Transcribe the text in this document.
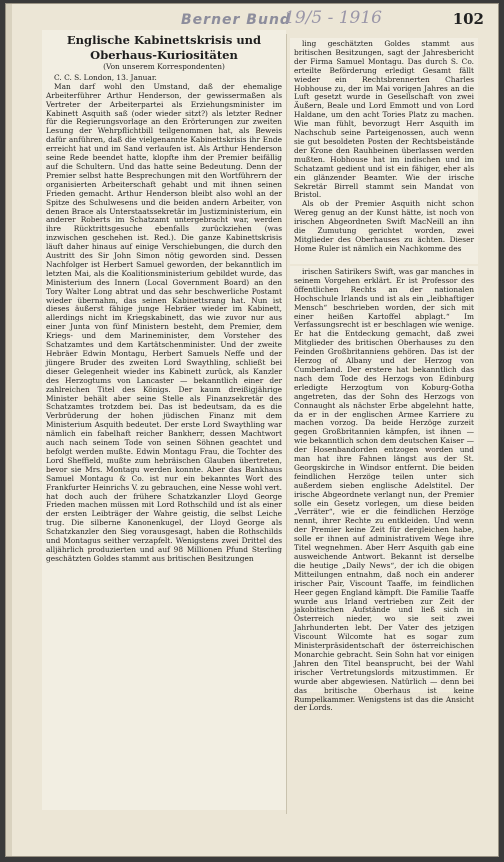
Berner Bund
19/5 - 1916	102
Englische Kabinettskrisis und
Oberhaus-Kuriositäten
(Von unserem Korrespondenten)

C. C. S. London, 13. Januar.

Man darf wohl den Umstand, daß der ehemalige Arbeiterführer Arthur Henderson, der gewissermaßen als Vertreter der Arbeiterpartei als Erziehungsminister im Kabinett Asquith saß (oder wieder sitzt?) als letzter Redner für die Regierungsvorlage an den Erörterungen zur zweiten Lesung der Wehrpflichtbill teilgenommen hat, als Beweis dafür anführen, daß die vielgenannte Kabinettskrisis ihr Ende erreicht hat und im Sand verlaufen ist. Als Arthur Henderson seine Rede beendet hatte, klopfte ihm der Premier beifällig auf die Schultern. Und das hatte seine Bedeutung. Denn der Premier selbst hatte Besprechungen mit den Wortführern der organisierten Arbeiterschaft gehabt und mit ihnen seinen Frieden gemacht. Arthur Henderson bleibt also wohl an der Spitze des Schulwesens und die beiden andern Arbeiter, von denen Brace als Unterstaatssekretär im Justizministerium, ein anderer Roberts im Schatzamt untergebracht war, werden ihre Rücktrittsgesuche ebenfalls zurückziehen (was inzwischen geschehen ist. Red.). Die ganze Kabinettskrisis läuft daher hinaus auf einige Verschiebungen, die durch den Austritt des Sir John Simon nötig geworden sind. Dessen Nachfolger ist Herbert Samuel geworden, der bekanntlich im letzten Mai, als die Koalitionsministerium gebildet wurde, das Ministerium des Innern (Local Government Board) an den Tory Walter Long abtrat und das sehr beschwerliche Postamt wieder übernahm, das seinen Kabinettsrang hat. Nun ist dieses äußerst fähige junge Hebräer wieder im Kabinett, allerdings nicht im Kriegskabinett, das wie zuvor nur aus einer Junta von fünf Ministern besteht, dem Premier, dem Kriegs- und dem Marineminister, dem Vorsteher des Schatzamtes und dem Kartätschenminister. Und der zweite Hebräer Edwin Montagu, Herbert Samuels Neffe und der jüngere Bruder des zweiten Lord Swaythling, schließt bei dieser Gelegenheit wieder ins Kabinett zurück, als Kanzler des Herzogtums von Lancaster — bekanntlich einer der zahlreichen Titel des Königs. Der kaum dreißigjährige Minister behält aber seine Stelle als Finanzsekretär des Schatzamtes trotzdem bei. Das ist bedeutsam, da es die Verbrüderung der hohen jüdischen Finanz mit dem Ministerium Asquith bedeutet. Der erste Lord Swaythling war nämlich ein fabelhaft reicher Bankherr, dessen Machtwort auch nach seinem Tode von seinen Söhnen geachtet und befolgt werden mußte. Edwin Montagu Frau, die Tochter des Lord Sheffield, mußte zum hebräischen Glauben übertreten, bevor sie Mrs. Montagu werden konnte. Aber das Bankhaus Samuel Montagu & Co. ist nur ein bekanntes Wort des Frankfurter Heinrichs V. zu gebrauchen, eine Nesse wohl vert. hat doch auch der frühere Schatzkanzler Lloyd George Frieden machen müssen mit Lord Rothschild und ist als einer der ersten Leibträger der Wahre geistig, die selbst Leiche trug. Die silberne Kanonenkugel, der Lloyd George als Schatzkanzler den Sieg vorausgesagt, haben die Rothschilds und Montagus seither verzapfelt. Wenigstens zwei Drittel des alljährlich produzierten und auf 98 Millionen Pfund Sterling geschätzten Goldes stammt aus britischen Besitzungen

ling geschätzten Goldes stammt aus britischen Besitzungen, sagt der Jahresbericht der Firma Samuel Montagu. Das durch S. Co. erteilte Beförderung erledigt Gesamt fällt wieder ein Rechtsbrennerten Charles Hobhouse zu, der im Mai vorigen Jahres an die Luft gesetzt wurde in Gesellschaft von zwei Äußern, Beale und Lord Emmott und von Lord Haldane, um den acht Tories Platz zu machen. Wie man fühlt, bevorzugt Herr Asquith im Nachschub seine Parteigenossen, auch wenn sie gut besoldeten Posten der Rechtsbeistände der Krone den Rauhbeinen überlassen werden mußten. Hobhouse hat im indischen und im Schatzamt gedient und ist ein fähiger, eher als ein glänzender Beamter. Wie der irische Sekretär Birrell stammt sein Mandat von Bristol.

Als ob der Premier Asquith nicht schon Wereg genug an der Kunst hätte, ist noch von irischen Abgeordneten Swift MacNeill an ihn die Zumutung gerichtet worden, zwei Mitglieder des Oberhauses zu ächten. Dieser Home Ruler ist nämlich ein Nachkomme des

irischen Satirikers Swift, was gar manches in seinem Vorgehen erklärt. Er ist Professor des öffentlichen Rechts an der nationalen Hochschule Irlands und ist als ein „leibhaftiger Mensch“ beschrieben worden, der sich mit einer heißen Kartoffel abplagt.“ Im Verfassungsrecht ist er beschlagen wie wenige. Er hat die Entdeckung gemacht, daß zwei Mitglieder des britischen Oberhauses zu den Feinden Großbritanniens gehören. Das ist der Herzog of Albany und der Herzog von Cumberland. Der erstere hat bekanntlich das nach dem Tode des Herzogs von Edinburg erledigte Herzogtum von Koburg-Gotha angetreten, das der Sohn des Herzogs von Connaught als nächster Erbe abgelehnt hatte, da er in der englischen Armee Karriere zu machen vorzog. Da beide Herzöge zurzeit gegen Großbritannien kämpfen, ist ihnen — wie bekanntlich schon dem deutschen Kaiser — der Hosenbandorden entzogen worden und man hat ihre Fahnen längst aus der St. Georgskirche in Windsor entfernt. Die beiden feindlichen Herzöge teilen unter sich außerdem sieben englische Adelstitel. Der irische Abgeordnete verlangt nun, der Premier solle ein Gesetz vorlegen, um diese beiden „Verräter“, wie er die feindlichen Herzöge nennt, ihrer Rechte zu entkleiden. Und wenn der Premier keine Zeit für dergleichen habe, solle er ihnen auf administrativem Wege ihre Titel wegnehmen. Aber Herr Asquith gab eine ausweichende Antwort. Bekannt ist derselbe die heutige „Daily News“, der ich die obigen Mitteilungen entnahm, daß noch ein anderer irischer Pair, Viscount Taaffe, im feindlichen Heer gegen England kämpft. Die Familie Taaffe wurde aus Irland vertrieben zur Zeit der jakobitischen Aufstände und ließ sich in Österreich nieder, wo sie seit zwei Jahrhunderten lebt. Der Vater des jetzigen Viscount Wilcomte hat es sogar zum Ministerpräsidentschaft der österreichischen Monarchie gebracht. Sein Sohn hat vor einigen Jahren den Titel beansprucht, bei der Wahl irischer Vertretungslords mitzustimmen. Er wurde aber abgewiesen. Natürlich — denn bei das britische Oberhaus ist keine Rumpelkammer. Wenigstens ist das die Ansicht der Lords.
